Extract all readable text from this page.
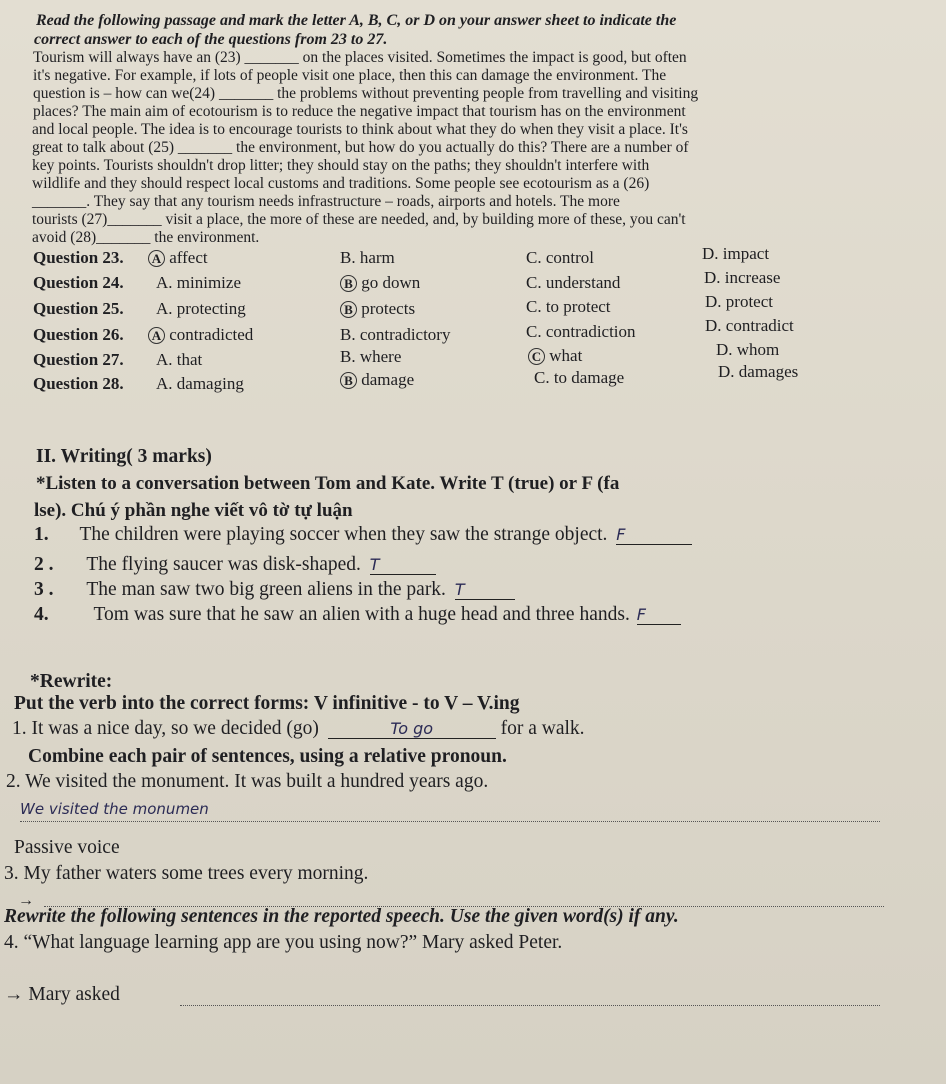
Read the following passage and mark the letter A, B, C, or D on your answer sheet to indicate the
correct answer to each of the questions from 23 to 27.
Tourism will always have an (23) _______ on the places visited. Sometimes the impact is good, but often
it's negative. For example, if lots of people visit one place, then this can damage the environment. The
question is – how can we(24) _______ the problems without preventing people from travelling and visiting
places? The main aim of ecotourism is to reduce the negative impact that tourism has on the environment
and local people. The idea is to encourage tourists to think about what they do when they visit a place. It's
great to talk about (25) _______ the environment, but how do you actually do this? There are a number of
key points. Tourists shouldn't drop litter; they should stay on the paths; they shouldn't interfere with
wildlife and they should respect local customs and traditions. Some people see ecotourism as a (26)
_______. They say that any tourism needs infrastructure – roads, airports and hotels. The more
tourists (27)_______ visit a place, the more of these are needed, and, by building more of these, you can't
avoid (28)_______ the environment.
Question 23. A affect	B. harm	C. control	D. impact
Question 24. A. minimize	B go down	C. understand	D. increase
Question 25. A. protecting	B protects	C. to protect	D. protect
Question 26. A contradicted	B. contradictory	C. contradiction	D. contradict
Question 27. A. that	B. where	C what	D. whom
Question 28. A. damaging	B damage	C. to damage	D. damages
II. Writing( 3 marks)
*Listen to a conversation between Tom and Kate. Write T (true) or F (fa
lse). Chú ý phần nghe viết vô tờ tự luận
1. The children were playing soccer when they saw the strange object. F
2 . The flying saucer was disk-shaped. T
3 . The man saw two big green aliens in the park. T
4. Tom was sure that he saw an alien with a huge head and three hands. F
*Rewrite:
Put the verb into the correct forms: V infinitive - to V – V.ing
1. It was a nice day, so we decided (go)	To go	for a walk.
Combine each pair of sentences, using a relative pronoun.
2. We visited the monument. It was built a hundred years ago.
We visited the monumen
Passive voice
3. My father waters some trees every morning.
→
Rewrite the following sentences in the reported speech. Use the given word(s) if any.
4. “What language learning app are you using now?” Mary asked Peter.
→ Mary asked
